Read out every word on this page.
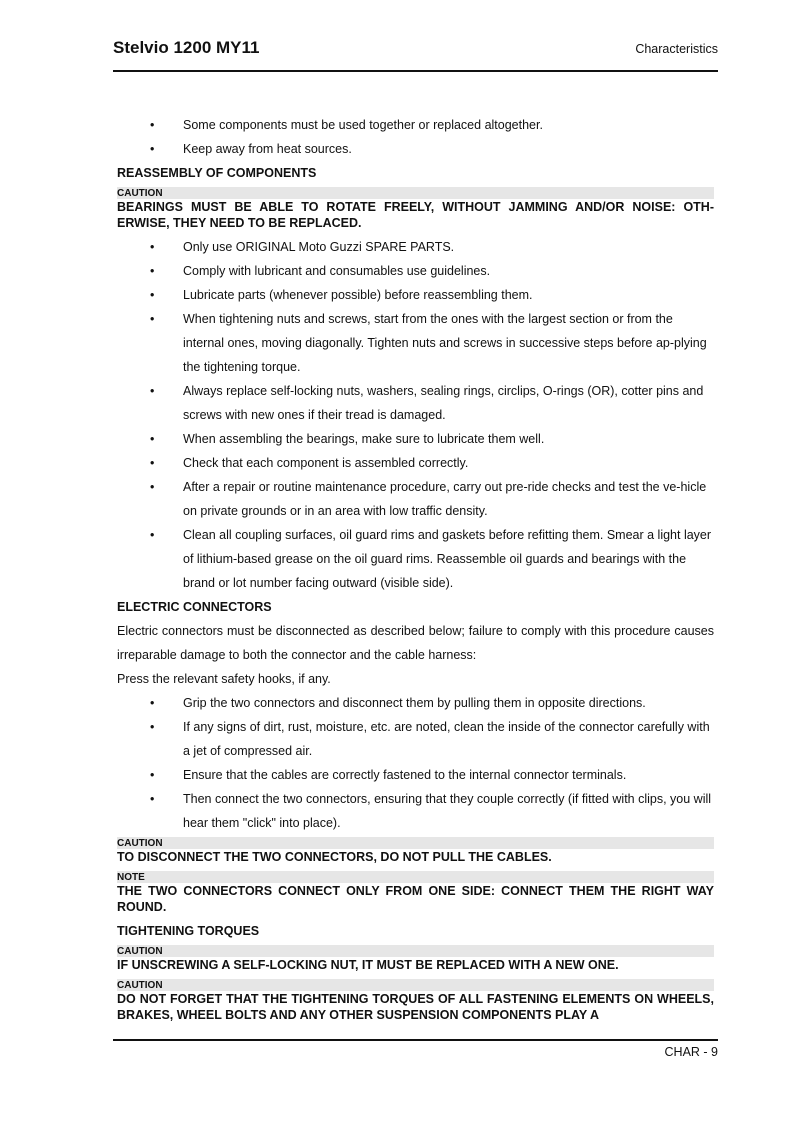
Stelvio 1200 MY11	Characteristics
• Some components must be used together or replaced altogether.
• Keep away from heat sources.
REASSEMBLY OF COMPONENTS
CAUTION
BEARINGS MUST BE ABLE TO ROTATE FREELY, WITHOUT JAMMING AND/OR NOISE: OTH-ERWISE, THEY NEED TO BE REPLACED.
• Only use ORIGINAL Moto Guzzi SPARE PARTS.
• Comply with lubricant and consumables use guidelines.
• Lubricate parts (whenever possible) before reassembling them.
• When tightening nuts and screws, start from the ones with the largest section or from the internal ones, moving diagonally. Tighten nuts and screws in successive steps before ap-plying the tightening torque.
• Always replace self-locking nuts, washers, sealing rings, circlips, O-rings (OR), cotter pins and screws with new ones if their tread is damaged.
• When assembling the bearings, make sure to lubricate them well.
• Check that each component is assembled correctly.
• After a repair or routine maintenance procedure, carry out pre-ride checks and test the ve-hicle on private grounds or in an area with low traffic density.
• Clean all coupling surfaces, oil guard rims and gaskets before refitting them. Smear a light layer of lithium-based grease on the oil guard rims. Reassemble oil guards and bearings with the brand or lot number facing outward (visible side).
ELECTRIC CONNECTORS
Electric connectors must be disconnected as described below; failure to comply with this procedure causes irreparable damage to both the connector and the cable harness:
Press the relevant safety hooks, if any.
• Grip the two connectors and disconnect them by pulling them in opposite directions.
• If any signs of dirt, rust, moisture, etc. are noted, clean the inside of the connector carefully with a jet of compressed air.
• Ensure that the cables are correctly fastened to the internal connector terminals.
• Then connect the two connectors, ensuring that they couple correctly (if fitted with clips, you will hear them "click" into place).
CAUTION
TO DISCONNECT THE TWO CONNECTORS, DO NOT PULL THE CABLES.
NOTE
THE TWO CONNECTORS CONNECT ONLY FROM ONE SIDE: CONNECT THEM THE RIGHT WAY ROUND.
TIGHTENING TORQUES
CAUTION
IF UNSCREWING A SELF-LOCKING NUT, IT MUST BE REPLACED WITH A NEW ONE.
CAUTION
DO NOT FORGET THAT THE TIGHTENING TORQUES OF ALL FASTENING ELEMENTS ON WHEELS, BRAKES, WHEEL BOLTS AND ANY OTHER SUSPENSION COMPONENTS PLAY A
CHAR - 9
